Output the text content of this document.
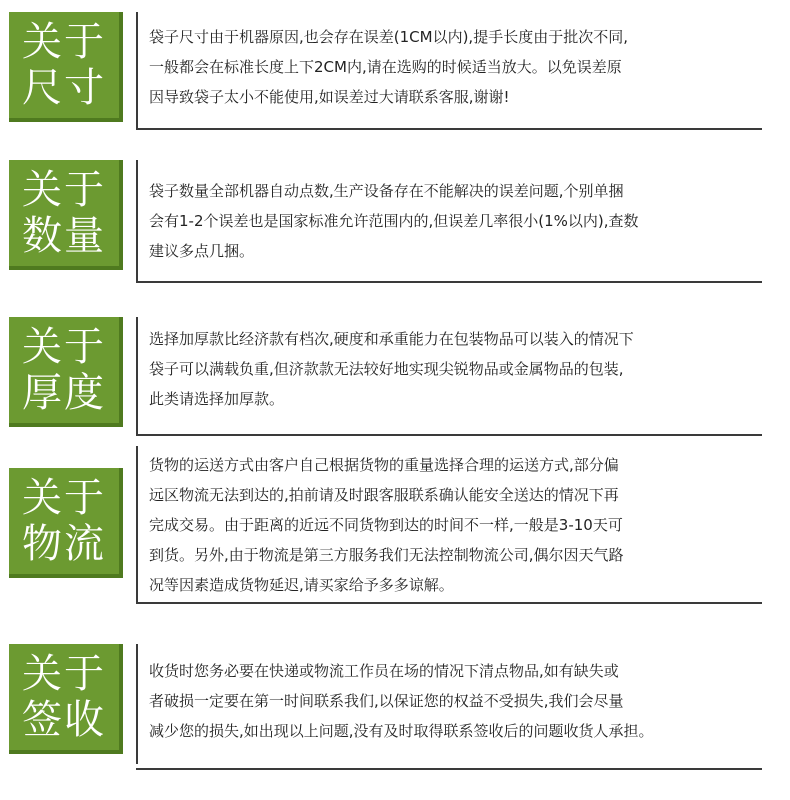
关于
尺寸
袋子尺寸由于机器原因,也会存在误差(1CM以内),提手长度由于批次不同,
一般都会在标准长度上下2CM内,请在选购的时候适当放大。以免误差原
因导致袋子太小不能使用,如误差过大请联系客服,谢谢!
关于
数量
袋子数量全部机器自动点数,生产设备存在不能解决的误差问题,个别单捆
会有1-2个误差也是国家标准允许范围内的,但误差几率很小(1%以内),查数
建议多点几捆。
关于
厚度
选择加厚款比经济款有档次,硬度和承重能力在包装物品可以装入的情况下
袋子可以满载负重,但济款款无法较好地实现尖锐物品或金属物品的包装,
此类请选择加厚款。
关于
物流
货物的运送方式由客户自己根据货物的重量选择合理的运送方式,部分偏
远区物流无法到达的,拍前请及时跟客服联系确认能安全送达的情况下再
完成交易。由于距离的近远不同货物到达的时间不一样,一般是3-10天可
到货。另外,由于物流是第三方服务我们无法控制物流公司,偶尔因天气路
况等因素造成货物延迟,请买家给予多多谅解。
关于
签收
收货时您务必要在快递或物流工作员在场的情况下清点物品,如有缺失或
者破损一定要在第一时间联系我们,以保证您的权益不受损失,我们会尽量
减少您的损失,如出现以上问题,没有及时取得联系签收后的问题收货人承担。
